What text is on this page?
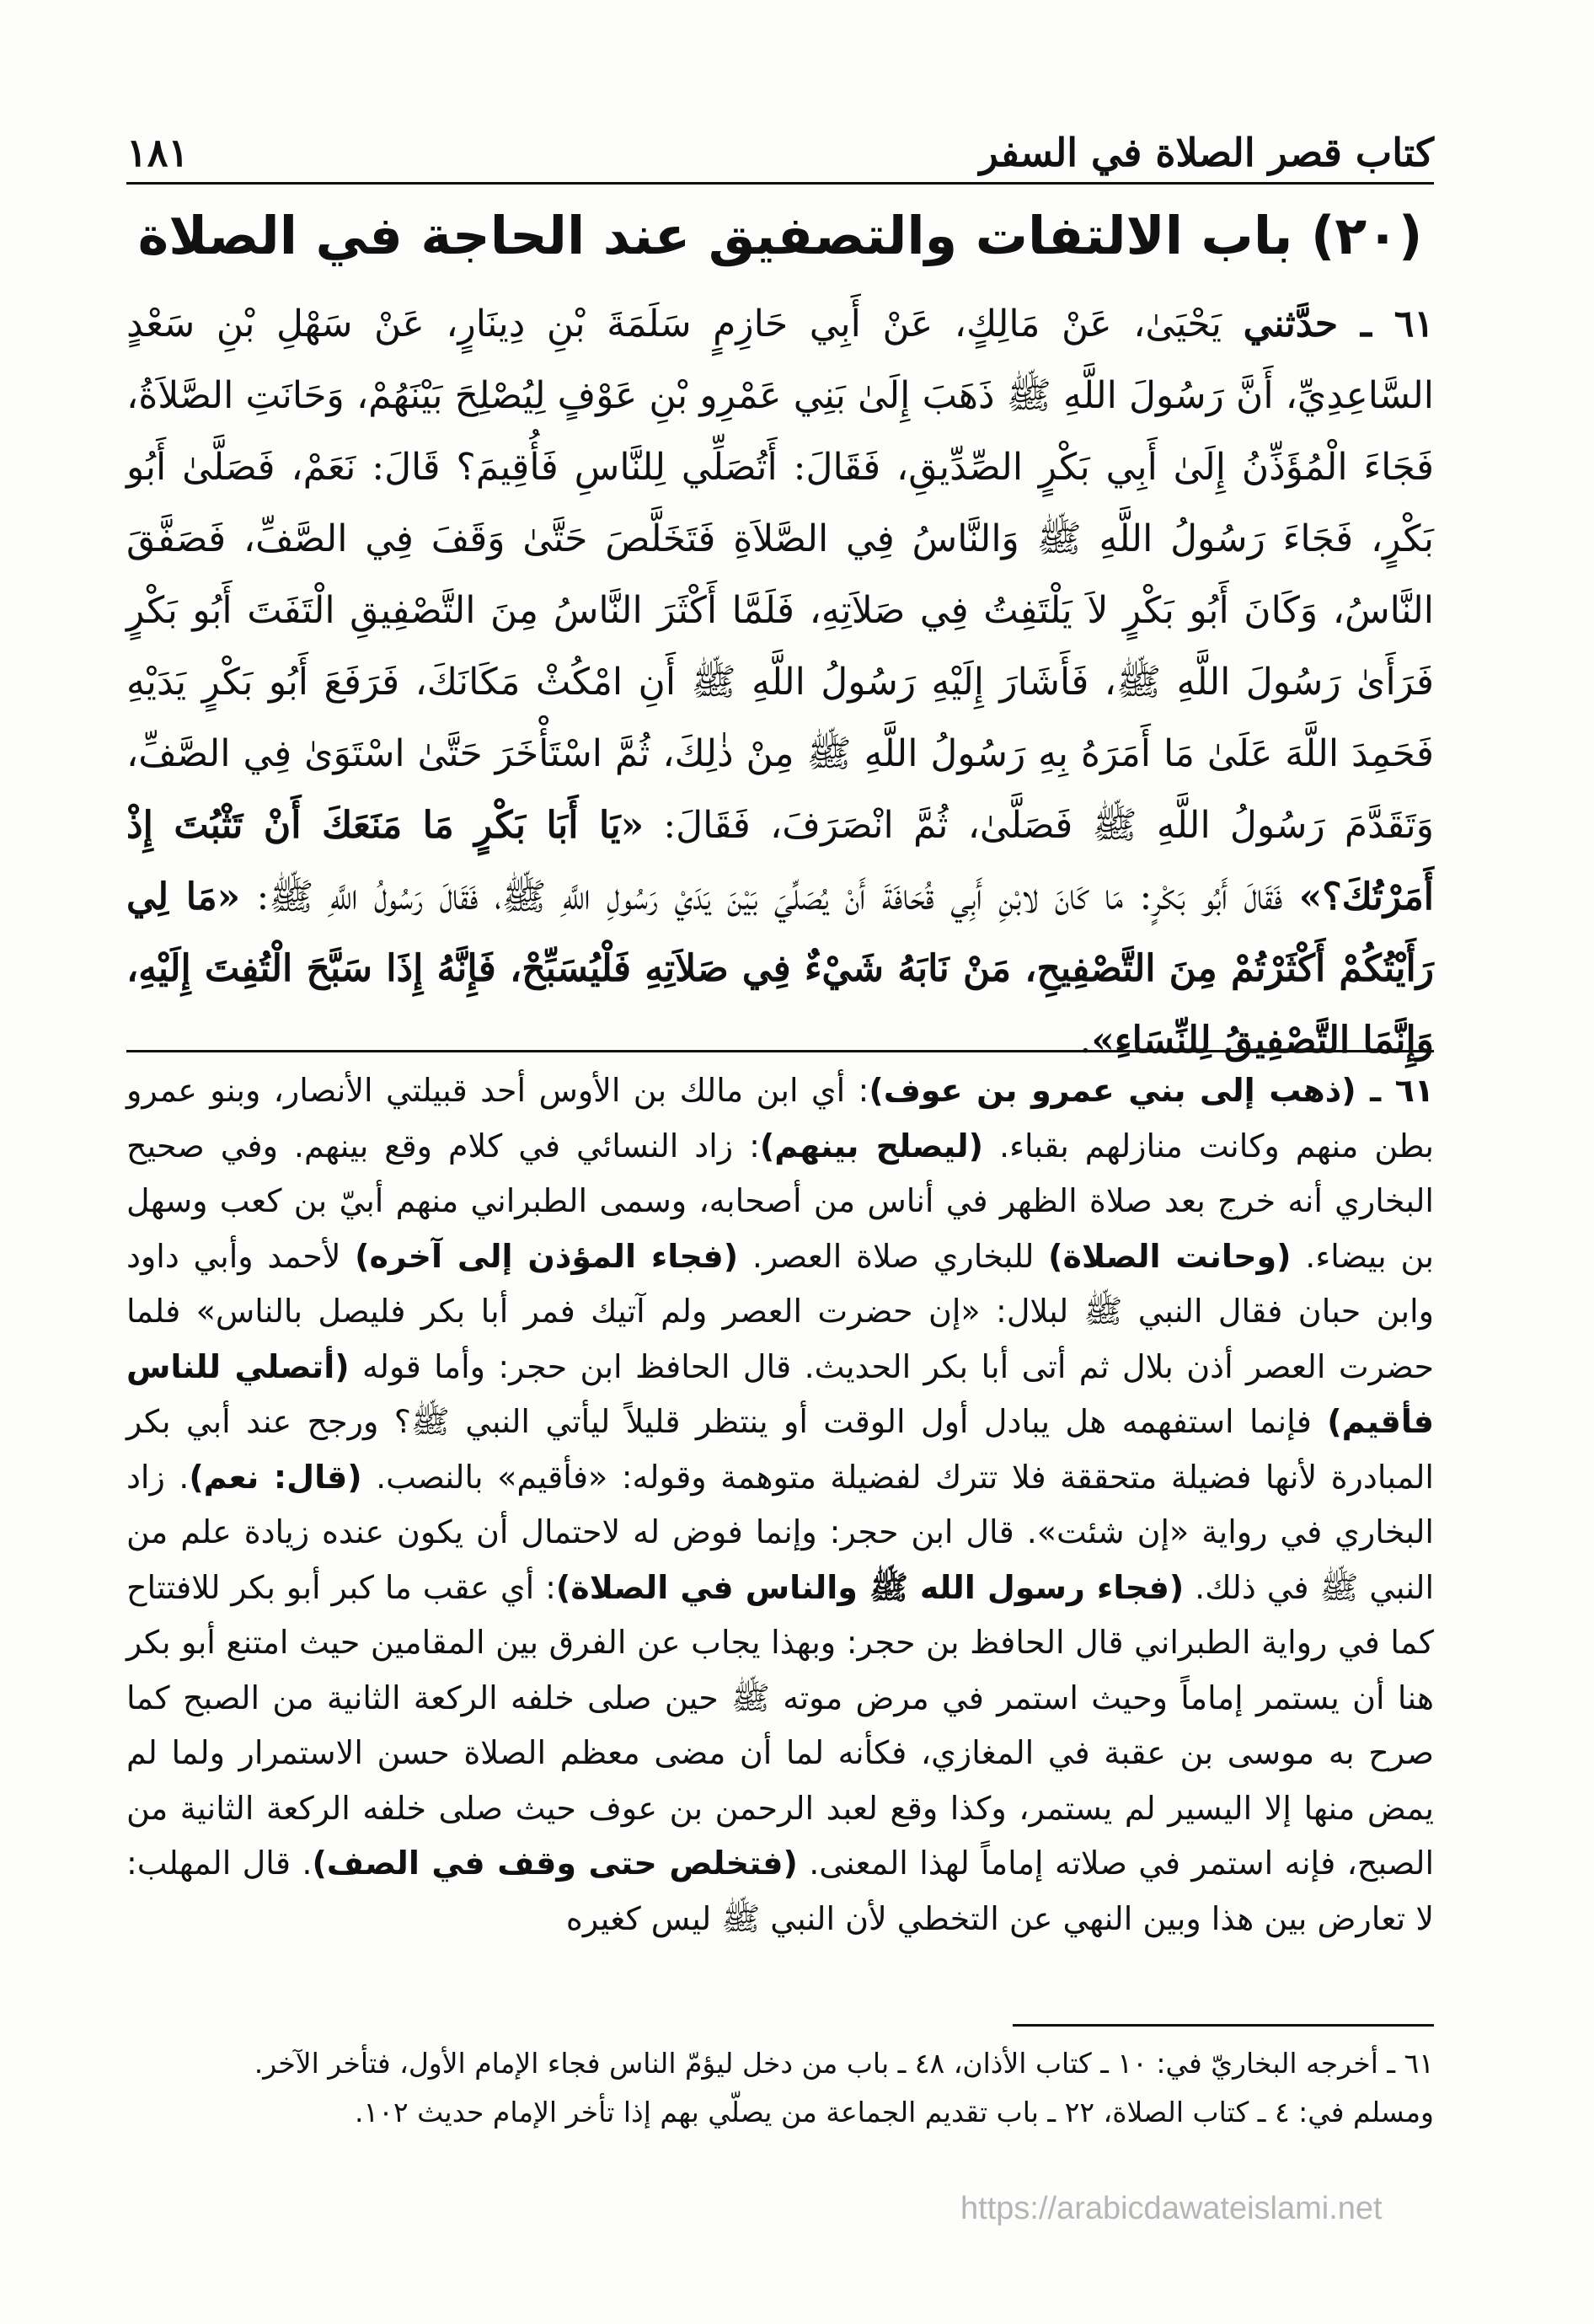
كتاب قصر الصلاة في السفر
١٨١
(٢٠) باب الالتفات والتصفيق عند الحاجة في الصلاة
٦١ ـ حدَّثني يَحْيَىٰ، عَنْ مَالِكٍ، عَنْ أَبِي حَازِمٍ سَلَمَةَ بْنِ دِينَارٍ، عَنْ سَهْلِ بْنِ سَعْدٍ السَّاعِدِيِّ، أَنَّ رَسُولَ اللَّهِ ﷺ ذَهَبَ إِلَىٰ بَنِي عَمْرِو بْنِ عَوْفٍ لِيُصْلِحَ بَيْنَهُمْ، وَحَانَتِ الصَّلاَةُ، فَجَاءَ الْمُؤَذِّنُ إِلَىٰ أَبِي بَكْرٍ الصِّدِّيقِ، فَقَالَ: أَتُصَلِّي لِلنَّاسِ فَأُقِيمَ؟ قَالَ: نَعَمْ، فَصَلَّىٰ أَبُو بَكْرٍ، فَجَاءَ رَسُولُ اللَّهِ ﷺ وَالنَّاسُ فِي الصَّلاَةِ فَتَخَلَّصَ حَتَّىٰ وَقَفَ فِي الصَّفِّ، فَصَفَّقَ النَّاسُ، وَكَانَ أَبُو بَكْرٍ لاَ يَلْتَفِتُ فِي صَلاَتِهِ، فَلَمَّا أَكْثَرَ النَّاسُ مِنَ التَّصْفِيقِ الْتَفَتَ أَبُو بَكْرٍ فَرَأَىٰ رَسُولَ اللَّهِ ﷺ، فَأَشَارَ إِلَيْهِ رَسُولُ اللَّهِ ﷺ أَنِ امْكُثْ مَكَانَكَ، فَرَفَعَ أَبُو بَكْرٍ يَدَيْهِ فَحَمِدَ اللَّهَ عَلَىٰ مَا أَمَرَهُ بِهِ رَسُولُ اللَّهِ ﷺ مِنْ ذٰلِكَ، ثُمَّ اسْتَأْخَرَ حَتَّىٰ اسْتَوَىٰ فِي الصَّفِّ، وَتَقَدَّمَ رَسُولُ اللَّهِ ﷺ فَصَلَّىٰ، ثُمَّ انْصَرَفَ، فَقَالَ: «يَا أَبَا بَكْرٍ مَا مَنَعَكَ أَنْ تَثْبُتَ إِذْ أَمَرْتُكَ؟» فَقَالَ أَبُو بَكْرٍ: مَا كَانَ لابْنِ أَبِي قُحَافَةَ أَنْ يُصَلِّيَ بَيْنَ يَدَيْ رَسُولِ اللَّهِ ﷺ، فَقَالَ رَسُولُ اللَّهِ ﷺ: «مَا لِي رَأَيْتُكُمْ أَكْثَرْتُمْ مِنَ التَّصْفِيحِ، مَنْ نَابَهُ شَيْءٌ فِي صَلاَتِهِ فَلْيُسَبِّحْ، فَإِنَّهُ إِذَا سَبَّحَ الْتُفِتَ إِلَيْهِ، وَإِنَّمَا التَّصْفِيقُ لِلنِّسَاءِ».
٦١ ـ (ذهب إلى بني عمرو بن عوف): أي ابن مالك بن الأوس أحد قبيلتي الأنصار، وبنو عمرو بطن منهم وكانت منازلهم بقباء. (ليصلح بينهم): زاد النسائي في كلام وقع بينهم. وفي صحيح البخاري أنه خرج بعد صلاة الظهر في أناس من أصحابه، وسمى الطبراني منهم أبيّ بن كعب وسهل بن بيضاء. (وحانت الصلاة) للبخاري صلاة العصر. (فجاء المؤذن إلى آخره) لأحمد وأبي داود وابن حبان فقال النبي ﷺ لبلال: «إن حضرت العصر ولم آتيك فمر أبا بكر فليصل بالناس» فلما حضرت العصر أذن بلال ثم أتى أبا بكر الحديث. قال الحافظ ابن حجر: وأما قوله (أتصلي للناس فأقيم) فإنما استفهمه هل يبادل أول الوقت أو ينتظر قليلاً ليأتي النبي ﷺ؟ ورجح عند أبي بكر المبادرة لأنها فضيلة متحققة فلا تترك لفضيلة متوهمة وقوله: «فأقيم» بالنصب. (قال: نعم). زاد البخاري في رواية «إن شئت». قال ابن حجر: وإنما فوض له لاحتمال أن يكون عنده زيادة علم من النبي ﷺ في ذلك. (فجاء رسول الله ﷺ والناس في الصلاة): أي عقب ما كبر أبو بكر للافتتاح كما في رواية الطبراني قال الحافظ بن حجر: وبهذا يجاب عن الفرق بين المقامين حيث امتنع أبو بكر هنا أن يستمر إماماً وحيث استمر في مرض موته ﷺ حين صلى خلفه الركعة الثانية من الصبح كما صرح به موسى بن عقبة في المغازي، فكأنه لما أن مضى معظم الصلاة حسن الاستمرار ولما لم يمض منها إلا اليسير لم يستمر، وكذا وقع لعبد الرحمن بن عوف حيث صلى خلفه الركعة الثانية من الصبح، فإنه استمر في صلاته إماماً لهذا المعنى. (فتخلص حتى وقف في الصف). قال المهلب: لا تعارض بين هذا وبين النهي عن التخطي لأن النبي ﷺ ليس كغيره

٦١ ـ أخرجه البخاريّ في: ١٠ ـ كتاب الأذان، ٤٨ ـ باب من دخل ليؤمّ الناس فجاء الإمام الأول، فتأخر الآخر.

ومسلم في: ٤ ـ كتاب الصلاة، ٢٢ ـ باب تقديم الجماعة من يصلّي بهم إذا تأخر الإمام حديث ١٠٢.

https://arabicdawateislami.net
